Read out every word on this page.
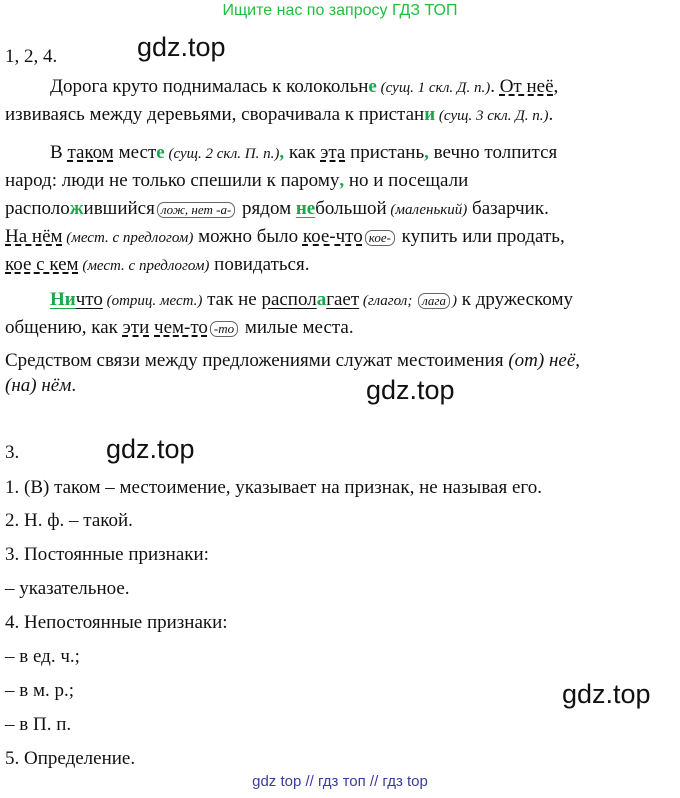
Ищите нас по запросу ГДЗ ТОП
1, 2, 4.	gdz.top
Дорога круто поднималась к колокольне (сущ. 1 скл. Д. п.). От неё,
извиваясь между деревьями, сворачивала к пристани (сущ. 3 скл. Д. п.).
В таком месте (сущ. 2 скл. П. п.), как эта пристань, вечно толпится
народ: люди не только спешили к парому, но и посещали
расположившийся лож, нет -а- рядом небольшой (маленький) базарчик.
На нём (мест. с предлогом) можно было кое-что кое- купить или продать,
кое с кем (мест. с предлогом) повидаться.
Ничто (отриц. мест.) так не располагает (глагол; лага ) к дружескому
общению, как эти чем-то -то милые места.
Средством связи между предложениями служат местоимения (от) неё,
(на) нём.	gdz.top
3.	gdz.top
1. (В) таком – местоимение, указывает на признак, не называя его.
2. Н. ф. – такой.
3. Постоянные признаки:
– указательное.
4. Непостоянные признаки:
– в ед. ч.;
– в м. р.;
– в П. п.
5. Определение.
gdz.top
gdz top // гдз топ // гдз top
